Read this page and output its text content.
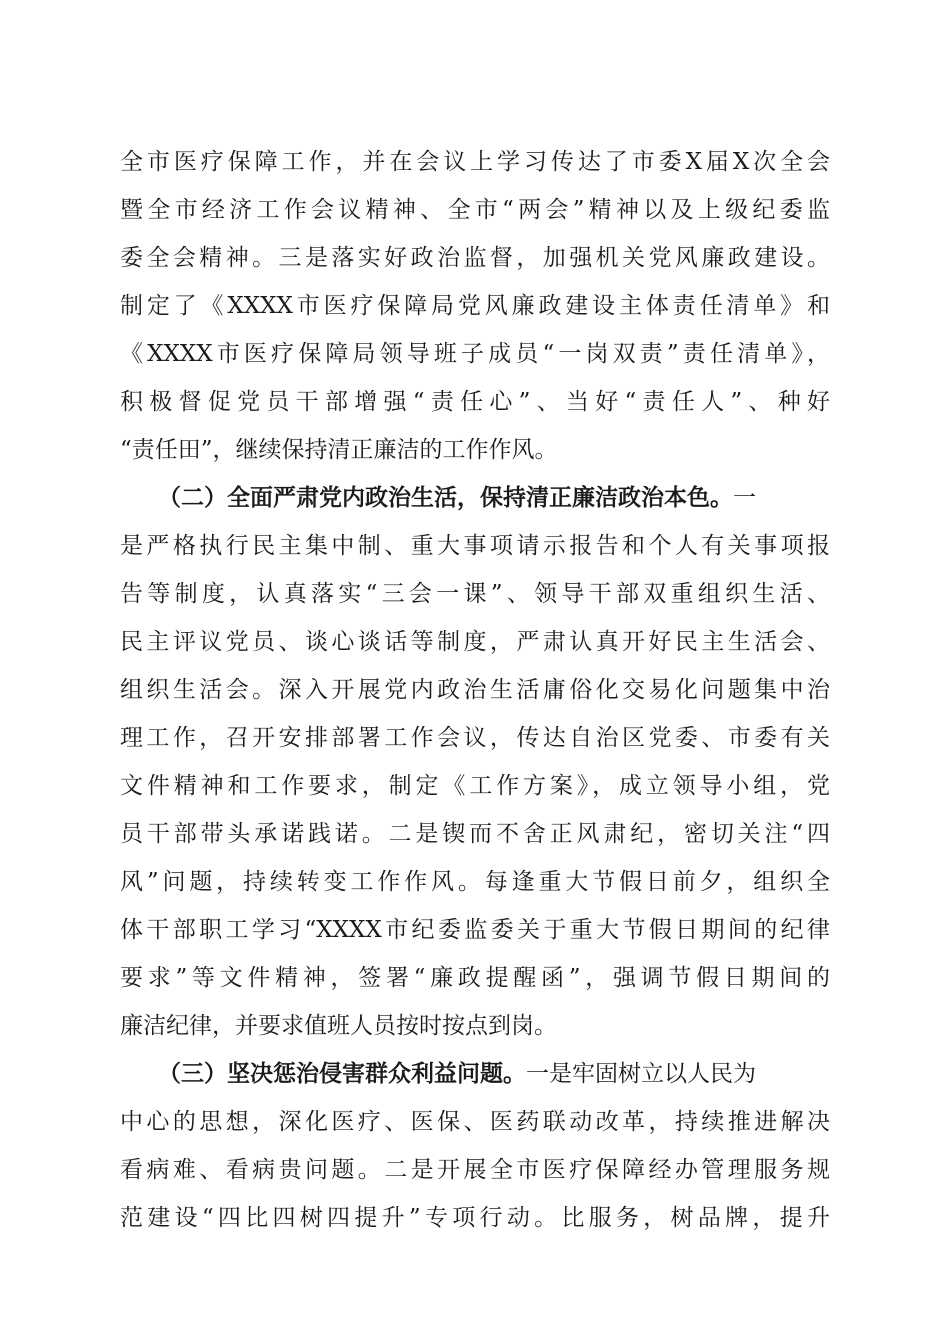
全市医疗保障工作，并在会议上学习传达了市委X届X次全会
暨全市经济工作会议精神、全市“两会”精神以及上级纪委监
委全会精神。三是落实好政治监督，加强机关党风廉政建设。
制定了《XXXX市医疗保障局党风廉政建设主体责任清单》和
《XXXX市医疗保障局领导班子成员“一岗双责”责任清单》，
积极督促党员干部增强“责任心”、当好“责任人”、种好
“责任田”，继续保持清正廉洁的工作作风。
（二）全面严肃党内政治生活，保持清正廉洁政治本色。一
是严格执行民主集中制、重大事项请示报告和个人有关事项报
告等制度，认真落实“三会一课”、领导干部双重组织生活、
民主评议党员、谈心谈话等制度，严肃认真开好民主生活会、
组织生活会。深入开展党内政治生活庸俗化交易化问题集中治
理工作，召开安排部署工作会议，传达自治区党委、市委有关
文件精神和工作要求，制定《工作方案》，成立领导小组，党
员干部带头承诺践诺。二是锲而不舍正风肃纪，密切关注“四
风”问题，持续转变工作作风。每逢重大节假日前夕，组织全
体干部职工学习“XXXX市纪委监委关于重大节假日期间的纪律
要求”等文件精神，签署“廉政提醒函”，强调节假日期间的
廉洁纪律，并要求值班人员按时按点到岗。
（三）坚决惩治侵害群众利益问题。一是牢固树立以人民为
中心的思想，深化医疗、医保、医药联动改革，持续推进解决
看病难、看病贵问题。二是开展全市医疗保障经办管理服务规
范建设“四比四树四提升”专项行动。比服务，树品牌，提升
